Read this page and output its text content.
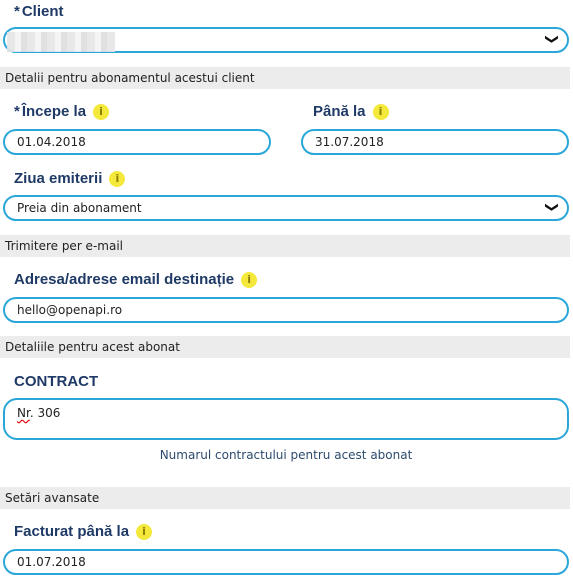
* Client
❯
Detalii pentru abonamentul acestui client
* Începe la	i
01.04.2018
Până la	i
31.07.2018
Ziua emiterii	i
Preia din abonament	❯
Trimitere per e-mail
Adresa/adrese email destinație	i
hello@openapi.ro
Detaliile pentru acest abonat
CONTRACT
Nr. 306
Numarul contractului pentru acest abonat
Setări avansate
Facturat până la	i
01.07.2018
